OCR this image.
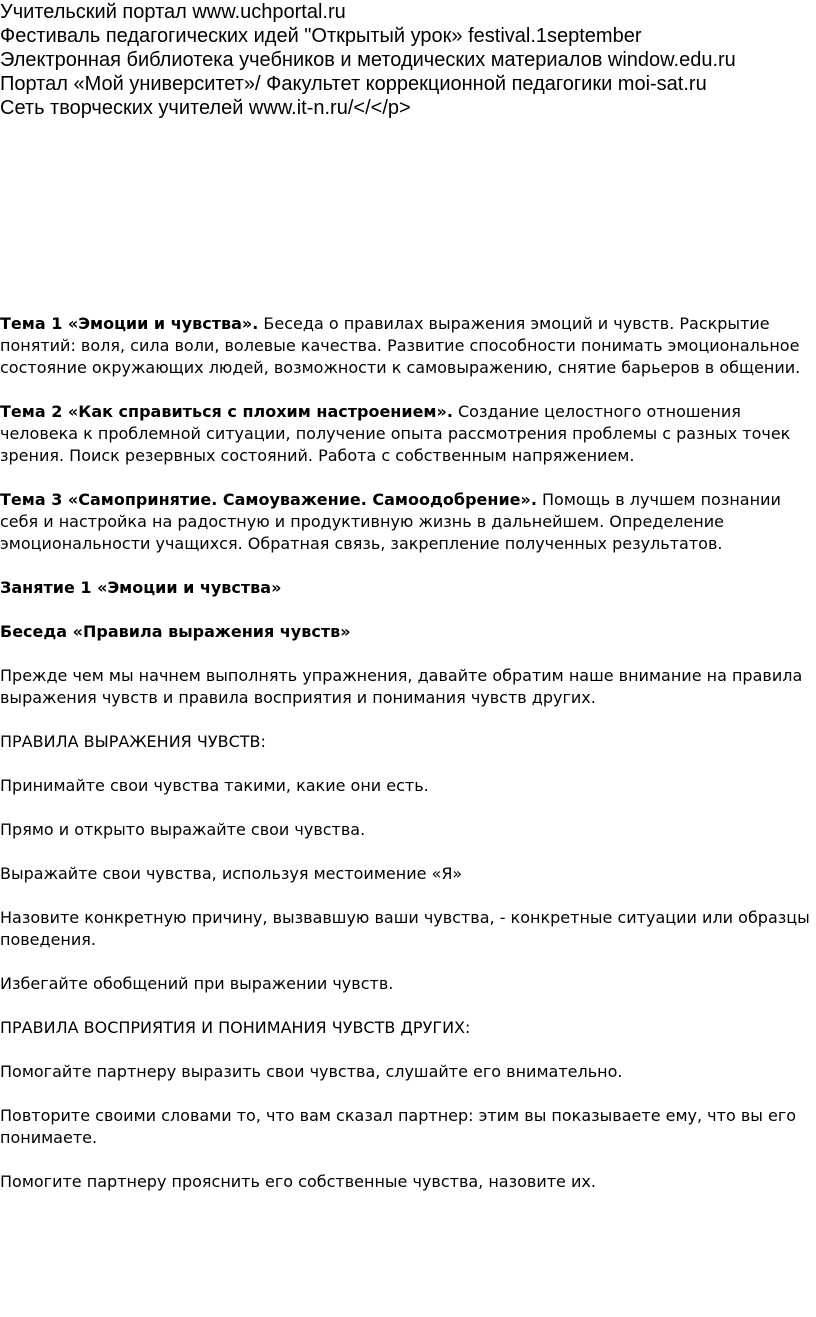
Учительский портал www.uchportal.ru
Фестиваль педагогических идей "Открытый урок» festival.1september
Электронная библиотека учебников и методических материалов window.edu.ru
Портал «Мой университет»/ Факультет коррекционной педагогики moi-sat.ru
Сеть творческих учителей www.it-n.ru/</</p>

Тема 1 «Эмоции и чувства». Беседа о правилах выражения эмоций и чувств. Раскрытие понятий: воля, сила воли, волевые качества. Развитие способности понимать эмоциональное состояние окружающих людей, возможности к самовыражению, снятие барьеров в общении.

Тема 2 «Как справиться с плохим настроением». Создание целостного отношения человека к проблемной ситуации, получение опыта рассмотрения проблемы с разных точек зрения. Поиск резервных состояний. Работа с собственным напряжением.

Тема 3 «Самопринятие. Самоуважение. Самоодобрение». Помощь в лучшем познании себя и настройка на радостную и продуктивную жизнь в дальнейшем. Определение эмоциональности учащихся. Обратная связь, закрепление полученных результатов.

Занятие 1 «Эмоции и чувства»

Беседа «Правила выражения чувств»

Прежде чем мы начнем выполнять упражнения, давайте обратим наше внимание на правила выражения чувств и правила восприятия и понимания чувств других.

ПРАВИЛА ВЫРАЖЕНИЯ ЧУВСТВ:

Принимайте свои чувства такими, какие они есть.

Прямо и открыто выражайте свои чувства.

Выражайте свои чувства, используя местоимение «Я»

Назовите конкретную причину, вызвавшую ваши чувства, - конкретные ситуации или образцы поведения.

Избегайте обобщений при выражении чувств.

ПРАВИЛА ВОСПРИЯТИЯ И ПОНИМАНИЯ ЧУВСТВ ДРУГИХ:

Помогайте партнеру выразить свои чувства, слушайте его внимательно.

Повторите своими словами то, что вам сказал партнер: этим вы показываете ему, что вы его понимаете.

Помогите партнеру прояснить его собственные чувства, назовите их.
